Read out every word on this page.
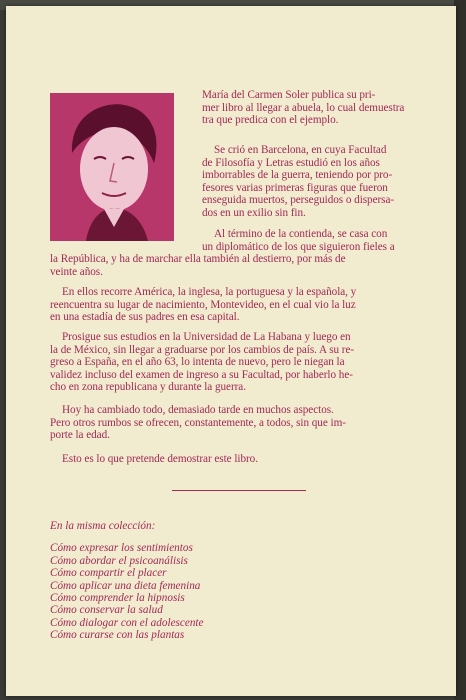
María del Carmen Soler publica su pri-
mer libro al llegar a abuela, lo cual demuestra
tra que predica con el ejemplo.

Se crió en Barcelona, en cuya Facultad
de Filosofía y Letras estudió en los años
imborrables de la guerra, teniendo por pro-
fesores varias primeras figuras que fueron
enseguida muertos, perseguidos o dispersa-
dos en un exilio sin fin.

Al término de la contienda, se casa con
un diplomático de los que siguieron fieles a
la República, y ha de marchar ella también al destierro, por más de
veinte años.

En ellos recorre América, la inglesa, la portuguesa y la española, y
reencuentra su lugar de nacimiento, Montevideo, en el cual vio la luz
en una estadía de sus padres en esa capital.

Prosigue sus estudios en la Universidad de La Habana y luego en
la de México, sin llegar a graduarse por los cambios de país. A su re-
greso a España, en el año 63, lo intenta de nuevo, pero le niegan la
validez incluso del examen de ingreso a su Facultad, por haberlo he-
cho en zona republicana y durante la guerra.

Hoy ha cambiado todo, demasiado tarde en muchos aspectos.
Pero otros rumbos se ofrecen, constantemente, a todos, sin que im-
porte la edad.

Esto es lo que pretende demostrar este libro.

En la misma colección:
Cómo expresar los sentimientos
Cómo abordar el psicoanálisis
Cómo compartir el placer
Cómo aplicar una dieta femenina
Cómo comprender la hipnosis
Cómo conservar la salud
Cómo dialogar con el adolescente
Cómo curarse con las plantas
